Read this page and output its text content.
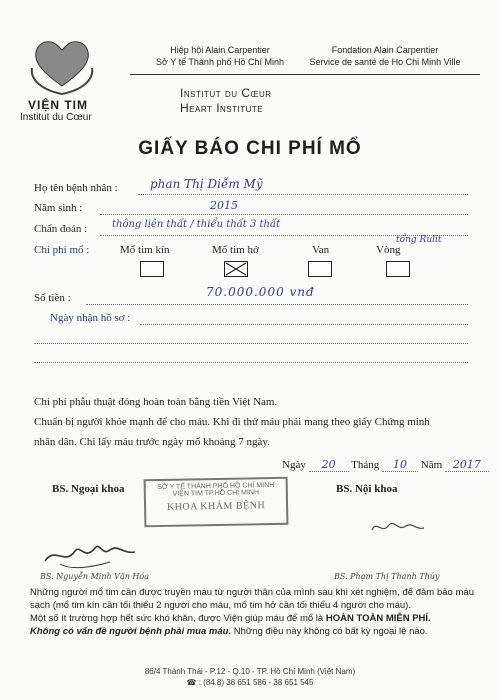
VIỆN TIM
Institut du Cœur
Hiệp hội Alain Carpentier
Sở Y tế Thành phố Hồ Chí Minh
Fondation Alain Carpentier
Service de santé de Ho Chi Minh Ville
Institut du Cœur
Heart Institute
GIẤY BÁO CHI PHÍ MỔ
Họ tên bệnh nhân :	phan Thị Diễm Mỹ
Năm sinh :	2015
Chẩn đoán : thông liên thất / thiểu thất 3 thất
tổng Rulit
Chi phí mổ :	Mổ tim kín	Mổ tim hở	Van	Vòng
Số tiền :	70.000.000 vnđ
Ngày nhận hồ sơ :
Chi phí phẫu thuật đóng hoàn toàn bằng tiền Việt Nam.
Chuẩn bị người khỏe mạnh để cho máu. Khi đi thử máu phải mang theo giấy Chứng minh
nhân dân. Chỉ lấy máu trước ngày mổ khoảng 7 ngày.
Ngày 20 Tháng 10 Năm 2017
BS. Ngoại khoa	BS. Nội khoa
SỞ Y TẾ THÀNH PHỐ HỒ CHÍ MINH
VIỆN TIM TP.HỒ CHÍ MINH
KHOA KHÁM BỆNH
BS. Nguyễn Minh Văn Hóa	BS. Phạm Thị Thanh Thúy
Những người mổ tim cần được truyền máu từ người thân của mình sau khi xét nghiệm, để đảm bảo máu sạch (mổ tim kín cần tối thiểu 2 người cho máu, mổ tim hở cần tối thiểu 4 người cho máu).
Một số ít trường hợp hết sức khó khăn, được Viện giúp máu để mổ là HOÀN TOÀN MIỄN PHÍ.
Không có vấn đề người bệnh phải mua máu. Những điều này không có bất kỳ ngoại lệ nào.
86/4 Thành Thái - P.12 - Q.10 - TP. Hồ Chí Minh (Việt Nam)
☎ : (84.8) 38 651 586 - 38 651 545
